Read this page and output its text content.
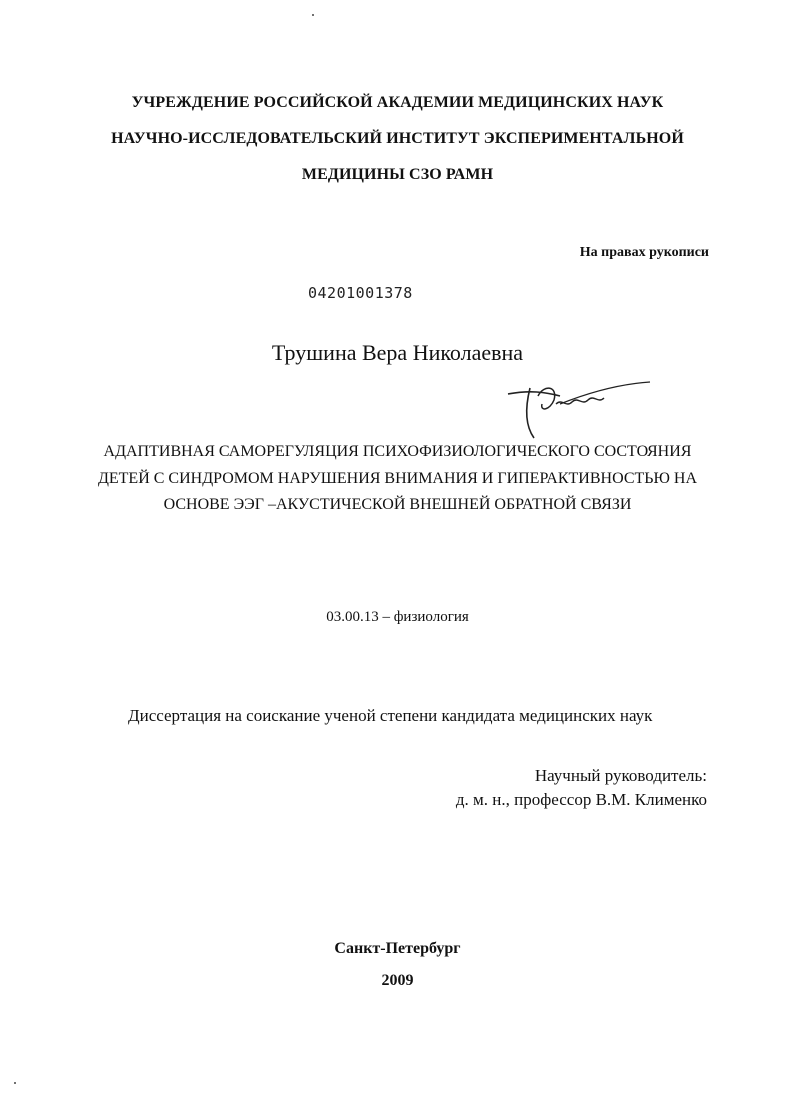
УЧРЕЖДЕНИЕ РОССИЙСКОЙ АКАДЕМИИ МЕДИЦИНСКИХ НАУК
НАУЧНО-ИССЛЕДОВАТЕЛЬСКИЙ ИНСТИТУТ ЭКСПЕРИМЕНТАЛЬНОЙ
МЕДИЦИНЫ СЗО РАМН
На правах рукописи
04201001378
Трушина Вера Николаевна
АДАПТИВНАЯ САМОРЕГУЛЯЦИЯ ПСИХОФИЗИОЛОГИЧЕСКОГО СОСТОЯНИЯ
ДЕТЕЙ С СИНДРОМОМ НАРУШЕНИЯ ВНИМАНИЯ И ГИПЕРАКТИВНОСТЬЮ НА
ОСНОВЕ ЭЭГ –АКУСТИЧЕСКОЙ ВНЕШНЕЙ ОБРАТНОЙ СВЯЗИ
03.00.13 – физиология
Диссертация на соискание ученой степени кандидата медицинских наук
Научный руководитель:
д. м. н., профессор В.М. Клименко
Санкт-Петербург
2009
